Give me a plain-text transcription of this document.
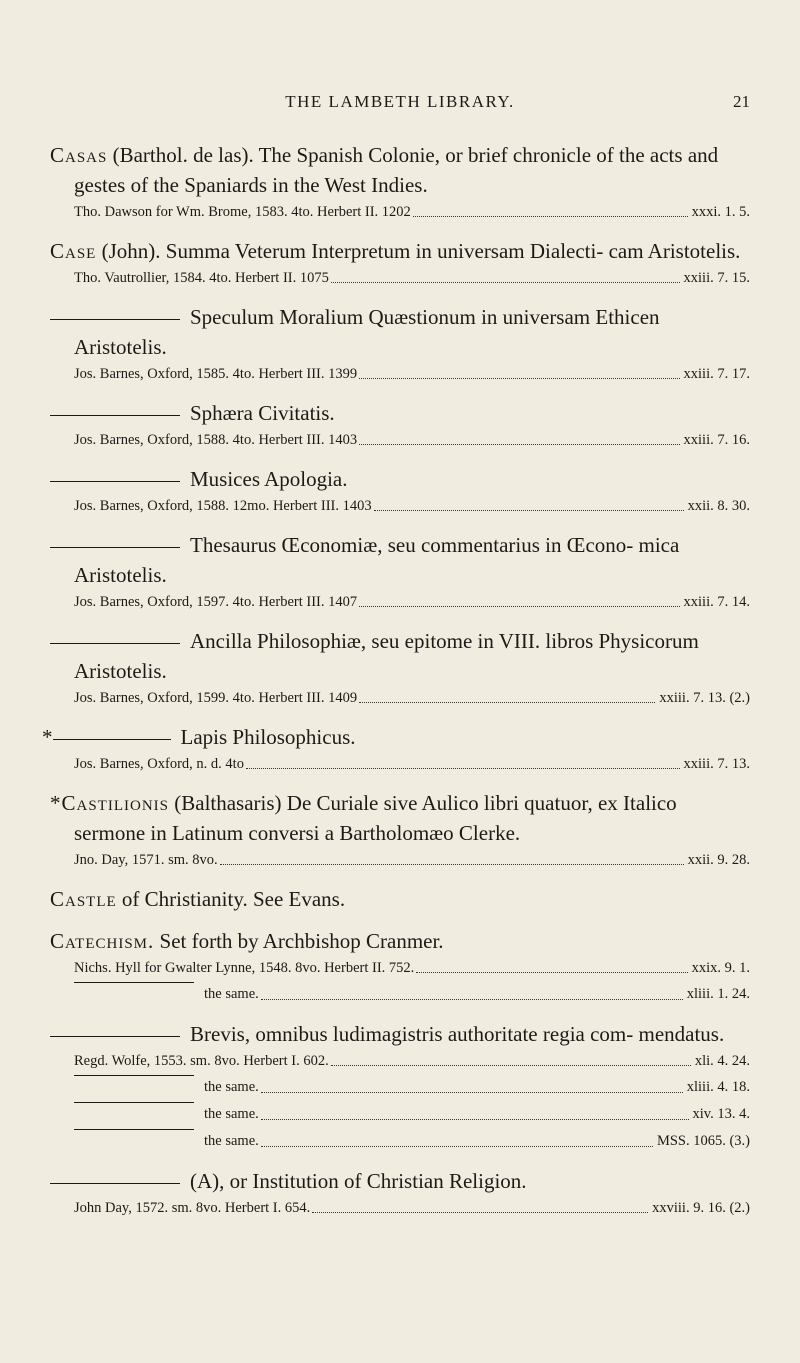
THE LAMBETH LIBRARY.	21
Casas (Barthol. de las). The Spanish Colonie, or brief chronicle of the acts and gestes of the Spaniards in the West Indies.
Tho. Dawson for Wm. Brome, 1583. 4to. Herbert II. 1202	xxxi. 1. 5.
Case (John). Summa Veterum Interpretum in universam Dialecti- cam Aristotelis.
Tho. Vautrollier, 1584. 4to. Herbert II. 1075	xxiii. 7. 15.
Speculum Moralium Quæstionum in universam Ethicen Aristotelis.
Jos. Barnes, Oxford, 1585. 4to. Herbert III. 1399	xxiii. 7. 17.
Sphæra Civitatis.
Jos. Barnes, Oxford, 1588. 4to. Herbert III. 1403	xxiii. 7. 16.
Musices Apologia.
Jos. Barnes, Oxford, 1588. 12mo. Herbert III. 1403	xxii. 8. 30.
Thesaurus Œconomiæ, seu commentarius in Œcono- mica Aristotelis.
Jos. Barnes, Oxford, 1597. 4to. Herbert III. 1407	xxiii. 7. 14.
Ancilla Philosophiæ, seu epitome in VIII. libros Physicorum Aristotelis.
Jos. Barnes, Oxford, 1599. 4to. Herbert III. 1409	xxiii. 7. 13. (2.)
*	Lapis Philosophicus.
Jos. Barnes, Oxford, n. d. 4to	xxiii. 7. 13.
*Castilionis (Balthasaris) De Curiale sive Aulico libri quatuor, ex Italico sermone in Latinum conversi a Bartholomæo Clerke.
Jno. Day, 1571. sm. 8vo.	xxii. 9. 28.
Castle of Christianity. See Evans.
Catechism. Set forth by Archbishop Cranmer.
Nichs. Hyll for Gwalter Lynne, 1548. 8vo. Herbert II. 752.	xxix. 9. 1.
the same.	xliii. 1. 24.
Brevis, omnibus ludimagistris authoritate regia com- mendatus.
Regd. Wolfe, 1553. sm. 8vo. Herbert I. 602.	xli. 4. 24.
the same.	xliii. 4. 18.
the same.	xiv. 13. 4.
the same.	MSS. 1065. (3.)
(A), or Institution of Christian Religion.
John Day, 1572. sm. 8vo. Herbert I. 654.	xxviii. 9. 16. (2.)
